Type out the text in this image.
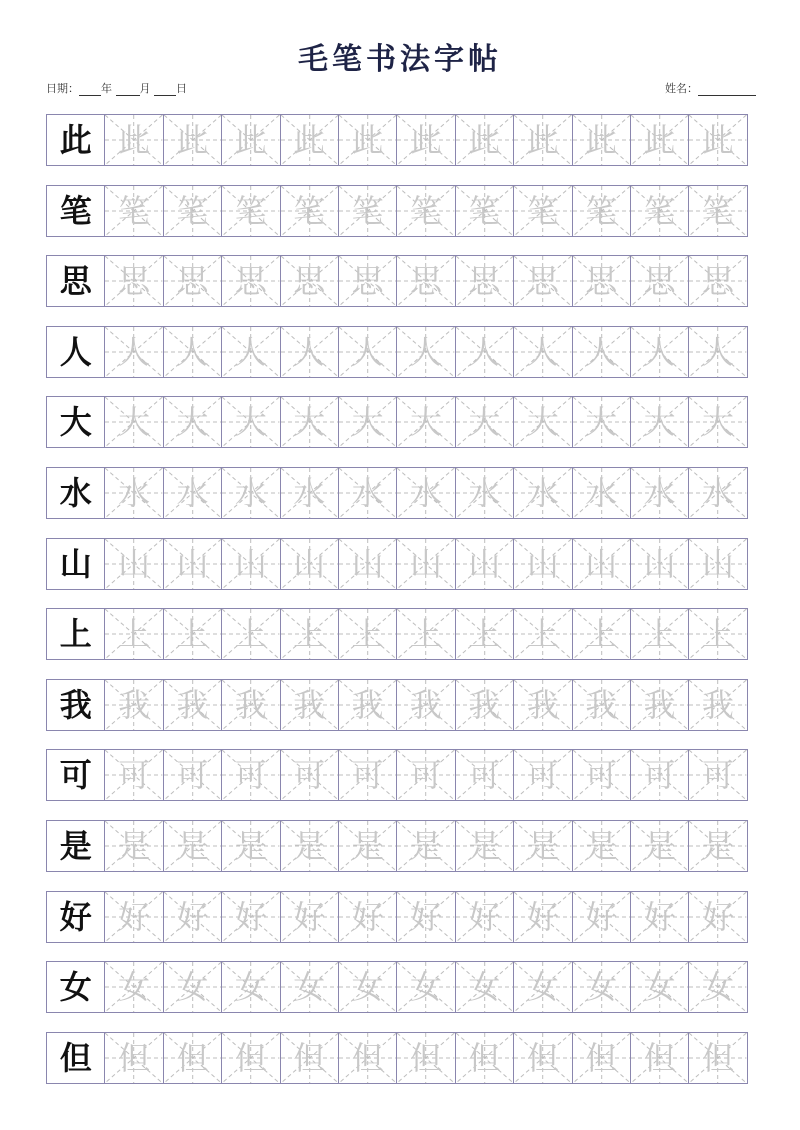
毛笔书法字帖
日期： 年	月 日	姓名：
此 此 此 此 此 此 此 此 此 此 此 此
笔 笔 笔 笔 笔 笔 笔 笔 笔 笔 笔 笔
思 思 思 思 思 思 思 思 思 思 思 思
人 人 人 人 人 人 人 人 人 人 人 人
大 大 大 大 大 大 大 大 大 大 大 大
水 水 水 水 水 水 水 水 水 水 水 水
山 山 山 山 山 山 山 山 山 山 山 山
上 上 上 上 上 上 上 上 上 上 上 上
我 我 我 我 我 我 我 我 我 我 我 我
可 可 可 可 可 可 可 可 可 可 可 可
是 是 是 是 是 是 是 是 是 是 是 是
好 好 好 好 好 好 好 好 好 好 好 好
女 女 女 女 女 女 女 女 女 女 女 女
但 但 但 但 但 但 但 但 但 但 但 但
